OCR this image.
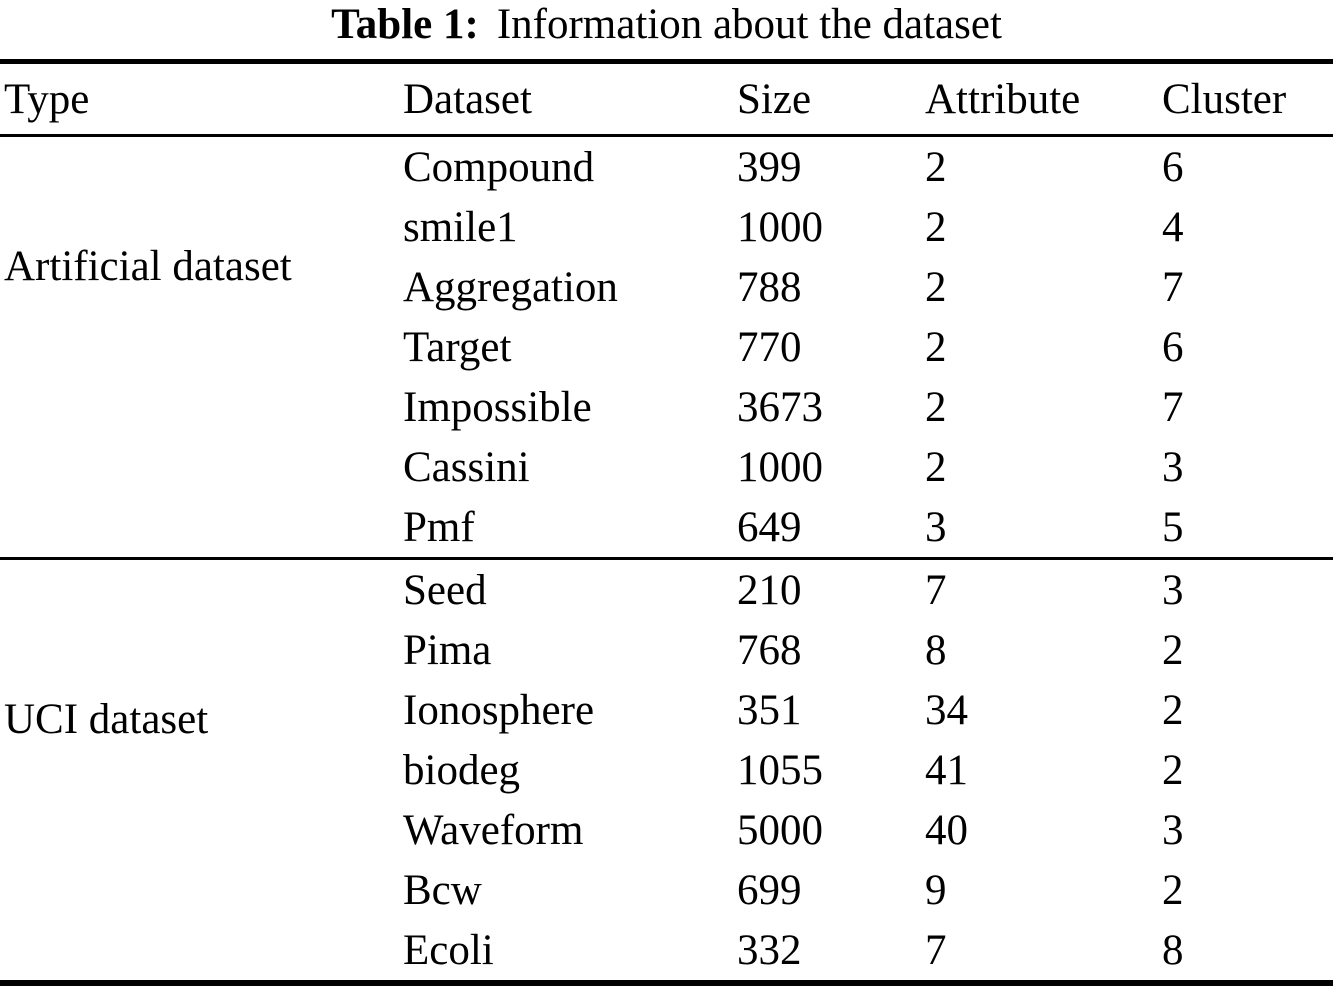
Table 1: Information about the dataset
Type	Dataset	Size	Attribute	Cluster
Artificial dataset	Compound	399	2	6
	smile1	1000	2	4
	Aggregation	788	2	7
	Target	770	2	6
	Impossible	3673	2	7
	Cassini	1000	2	3
	Pmf	649	3	5
UCI dataset	Seed	210	7	3
	Pima	768	8	2
	Ionosphere	351	34	2
	biodeg	1055	41	2
	Waveform	5000	40	3
	Bcw	699	9	2
	Ecoli	332	7	8
